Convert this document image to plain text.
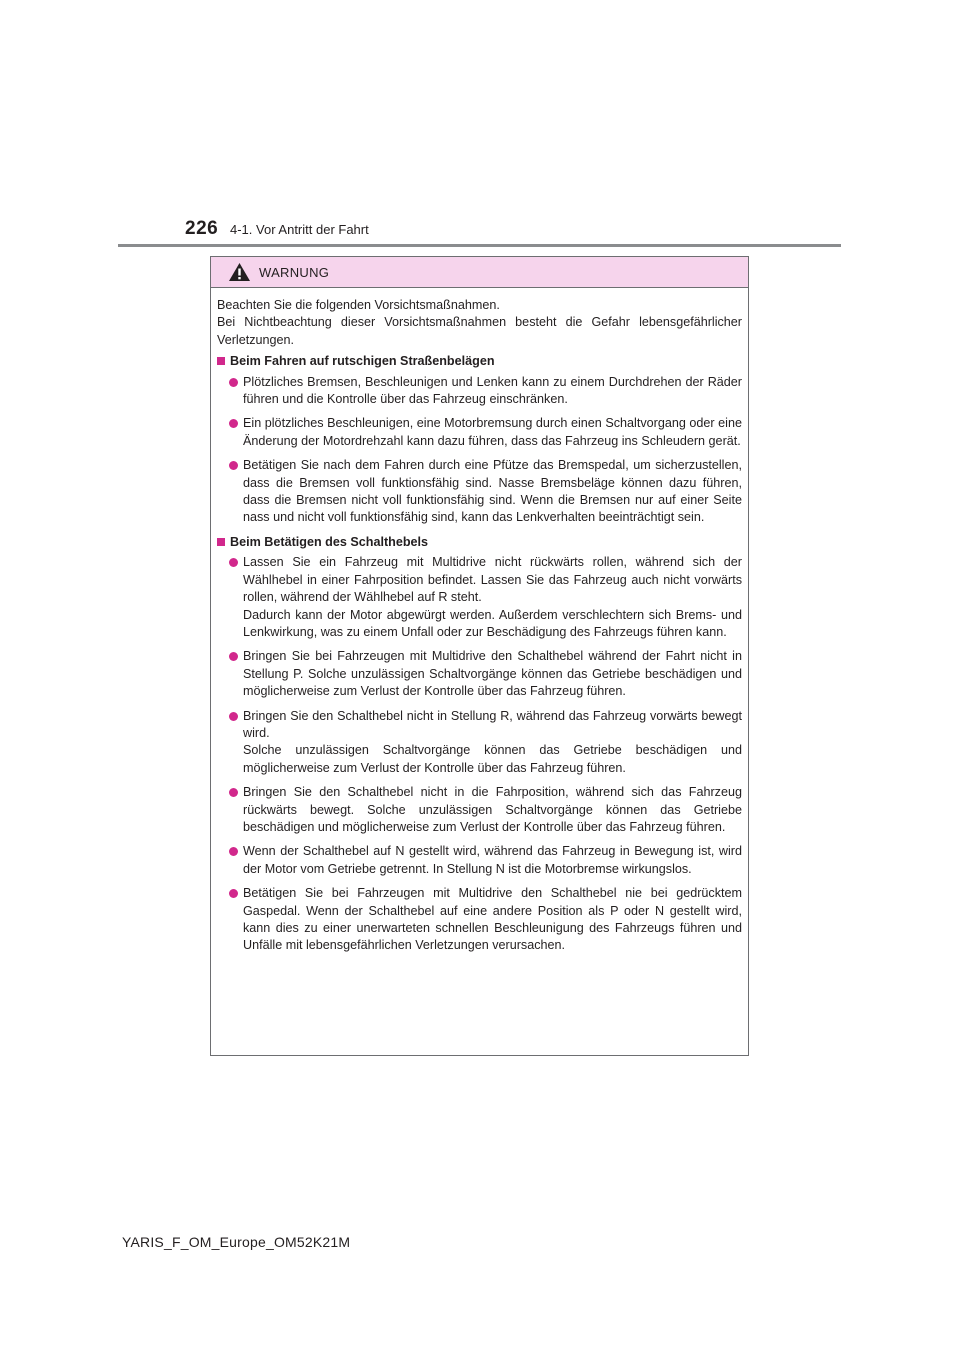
226 4-1. Vor Antritt der Fahrt
WARNUNG

Beachten Sie die folgenden Vorsichtsmaßnahmen.

Bei Nichtbeachtung dieser Vorsichtsmaßnahmen besteht die Gefahr lebensgefährlicher Verletzungen.

Beim Fahren auf rutschigen Straßenbelägen
Plötzliches Bremsen, Beschleunigen und Lenken kann zu einem Durchdrehen der Räder führen und die Kontrolle über das Fahrzeug einschränken.
Ein plötzliches Beschleunigen, eine Motorbremsung durch einen Schaltvorgang oder eine Änderung der Motordrehzahl kann dazu führen, dass das Fahrzeug ins Schleudern gerät.
Betätigen Sie nach dem Fahren durch eine Pfütze das Bremspedal, um sicherzustellen, dass die Bremsen voll funktionsfähig sind. Nasse Bremsbeläge können dazu führen, dass die Bremsen nicht voll funktionsfähig sind. Wenn die Bremsen nur auf einer Seite nass und nicht voll funktionsfähig sind, kann das Lenkverhalten beeinträchtigt sein.
Beim Betätigen des Schalthebels
Lassen Sie ein Fahrzeug mit Multidrive nicht rückwärts rollen, während sich der Wählhebel in einer Fahrposition befindet. Lassen Sie das Fahrzeug auch nicht vorwärts rollen, während der Wählhebel auf R steht.
Dadurch kann der Motor abgewürgt werden. Außerdem verschlechtern sich Brems- und Lenkwirkung, was zu einem Unfall oder zur Beschädigung des Fahrzeugs führen kann.
Bringen Sie bei Fahrzeugen mit Multidrive den Schalthebel während der Fahrt nicht in Stellung P. Solche unzulässigen Schaltvorgänge können das Getriebe beschädigen und möglicherweise zum Verlust der Kontrolle über das Fahrzeug führen.
Bringen Sie den Schalthebel nicht in Stellung R, während das Fahrzeug vorwärts bewegt wird.
Solche unzulässigen Schaltvorgänge können das Getriebe beschädigen und möglicherweise zum Verlust der Kontrolle über das Fahrzeug führen.
Bringen Sie den Schalthebel nicht in die Fahrposition, während sich das Fahrzeug rückwärts bewegt. Solche unzulässigen Schaltvorgänge können das Getriebe beschädigen und möglicherweise zum Verlust der Kontrolle über das Fahrzeug führen.
Wenn der Schalthebel auf N gestellt wird, während das Fahrzeug in Bewegung ist, wird der Motor vom Getriebe getrennt. In Stellung N ist die Motorbremse wirkungslos.
Betätigen Sie bei Fahrzeugen mit Multidrive den Schalthebel nie bei gedrücktem Gaspedal. Wenn der Schalthebel auf eine andere Position als P oder N gestellt wird, kann dies zu einer unerwarteten schnellen Beschleunigung des Fahrzeugs führen und Unfälle mit lebensgefährlichen Verletzungen verursachen.
YARIS_F_OM_Europe_OM52K21M
